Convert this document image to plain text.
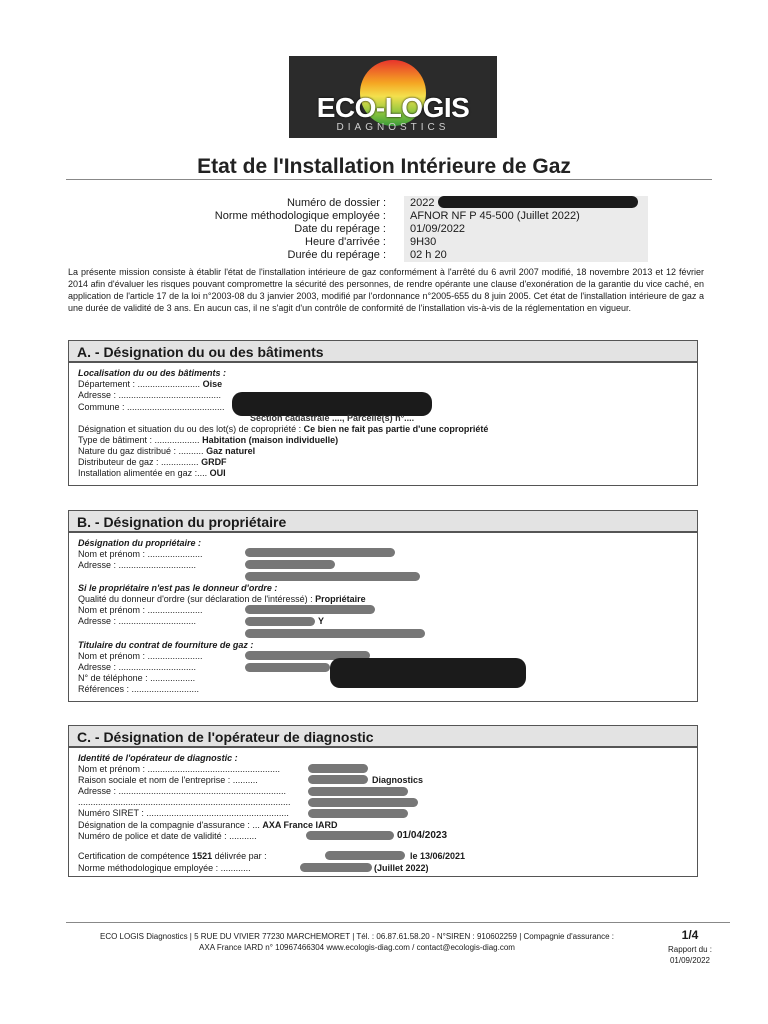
ECO-LOGIS
DIAGNOSTICS
Etat de l'Installation Intérieure de Gaz
Numéro de dossier : 2022
Norme méthodologique employée : AFNOR NF P 45-500 (Juillet 2022)
Date du repérage : 01/09/2022
Heure d'arrivée : 9H30
Durée du repérage : 02 h 20
La présente mission consiste à établir l'état de l'installation intérieure de gaz conformément à l'arrêté du 6 avril 2007 modifié, 18 novembre 2013 et 12 février 2014 afin d'évaluer les risques pouvant compromettre la sécurité des personnes, de rendre opérante une clause d'exonération de la garantie du vice caché, en application de l'article 17 de la loi n°2003-08 du 3 janvier 2003, modifié par l'ordonnance n°2005-655 du 8 juin 2005. Cet état de l'installation intérieure de gaz a une durée de validité de 3 ans. En aucun cas, il ne s'agit d'un contrôle de conformité de l'installation vis-à-vis de la réglementation en vigueur.
A. - Désignation du ou des bâtiments
Localisation du ou des bâtiments :
Département : ......................... Oise
Adresse : .........................................
Commune : .......................................
Section cadastrale ...., Parcelle(s) n°....
Désignation et situation du ou des lot(s) de copropriété : Ce bien ne fait pas partie d'une copropriété
Type de bâtiment : .................. Habitation (maison individuelle)
Nature du gaz distribué : .......... Gaz naturel
Distributeur de gaz : ............... GRDF
Installation alimentée en gaz :.... OUI
B. - Désignation du propriétaire
Désignation du propriétaire :
Nom et prénom : ......................
Adresse : ...............................
Si le propriétaire n'est pas le donneur d'ordre :
Qualité du donneur d'ordre (sur déclaration de l'intéressé) : Propriétaire
Nom et prénom : ......................
Adresse : ...............................	Y
Titulaire du contrat de fourniture de gaz :
Nom et prénom : ......................
Adresse : ...............................
N° de téléphone : ..................
Références : ...........................
C. - Désignation de l'opérateur de diagnostic
Identité de l'opérateur de diagnostic :
Nom et prénom : .....................................................
Raison sociale et nom de l'entreprise : ..........	Diagnostics
Adresse : ...................................................................
.....................................................................................
Numéro SIRET : .........................................................
Désignation de la compagnie d'assurance : ... AXA France IARD
Numéro de police et date de validité : ...........	01/04/2023
Certification de compétence 1521 délivrée par :	le 13/06/2021
Norme méthodologique employée : ............	(Juillet 2022)
ECO LOGIS Diagnostics | 5 RUE DU VIVIER 77230 MARCHEMORET | Tél. : 06.87.61.58.20 - N°SIREN : 910602259 | Compagnie d'assurance :
AXA France IARD n° 10967466304 www.ecologis-diag.com / contact@ecologis-diag.com
1/4
Rapport du :
01/09/2022
